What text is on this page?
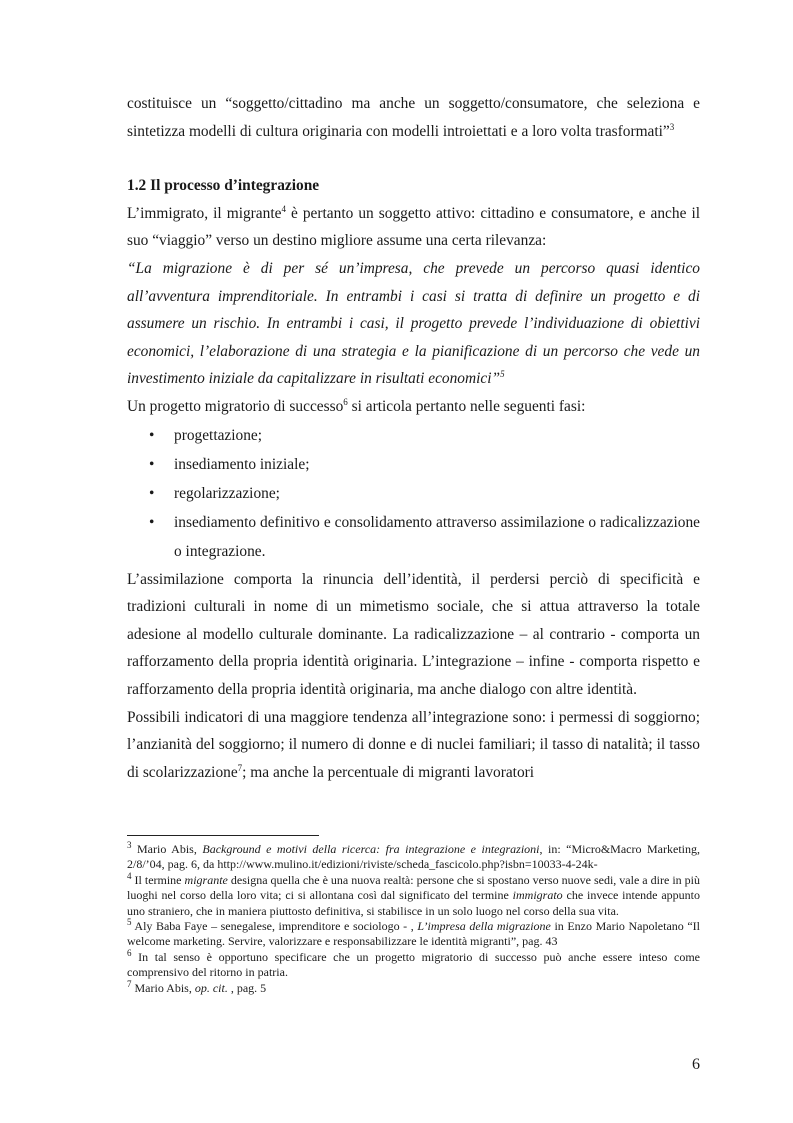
costituisce un “soggetto/cittadino ma anche un soggetto/consumatore, che seleziona e sintetizza modelli di cultura originaria con modelli introiettati e a loro volta trasformati”$^3$

1.2 Il processo d’integrazione

L’immigrato, il migrante$^4$ è pertanto un soggetto attivo: cittadino e consumatore, e anche il suo “viaggio” verso un destino migliore assume una certa rilevanza:

“La migrazione è di per sé un’impresa, che prevede un percorso quasi identico all’avventura imprenditoriale. In entrambi i casi si tratta di definire un progetto e di assumere un rischio. In entrambi i casi, il progetto prevede l’individuazione di obiettivi economici, l’elaborazione di una strategia e la pianificazione di un percorso che vede un investimento iniziale da capitalizzare in risultati economici”$^5$

Un progetto migratorio di successo$^6$ si articola pertanto nelle seguenti fasi:

• progettazione;
• insediamento iniziale;
• regolarizzazione;
• insediamento definitivo e consolidamento attraverso assimilazione o radicalizzazione o integrazione.

L’assimilazione comporta la rinuncia dell’identità, il perdersi perciò di specificità e tradizioni culturali in nome di un mimetismo sociale, che si attua attraverso la totale adesione al modello culturale dominante. La radicalizzazione – al contrario - comporta un rafforzamento della propria identità originaria. L’integrazione – infine - comporta rispetto e rafforzamento della propria identità originaria, ma anche dialogo con altre identità.

Possibili indicatori di una maggiore tendenza all’integrazione sono: i permessi di soggiorno; l’anzianità del soggiorno; il numero di donne e di nuclei familiari; il tasso di natalità; il tasso di scolarizzazione$^7$; ma anche la percentuale di migranti lavoratori

$^3$ Mario Abis, Background e motivi della ricerca: fra integrazione e integrazioni, in: “Micro&Macro Marketing, 2/8/’04, pag. 6, da http://www.mulino.it/edizioni/riviste/scheda_fascicolo.php?isbn=10033-4-24k-

$^4$ Il termine migrante designa quella che è una nuova realtà: persone che si spostano verso nuove sedi, vale a dire in più luoghi nel corso della loro vita; ci si allontana così dal significato del termine immigrato che invece intende appunto uno straniero, che in maniera piuttosto definitiva, si stabilisce in un solo luogo nel corso della sua vita.

$^5$ Aly Baba Faye – senegalese, imprenditore e sociologo - , L’impresa della migrazione in Enzo Mario Napoletano “Il welcome marketing. Servire, valorizzare e responsabilizzare le identità migranti”, pag. 43

$^6$ In tal senso è opportuno specificare che un progetto migratorio di successo può anche essere inteso come comprensivo del ritorno in patria.

$^7$ Mario Abis, op. cit. , pag. 5

6
